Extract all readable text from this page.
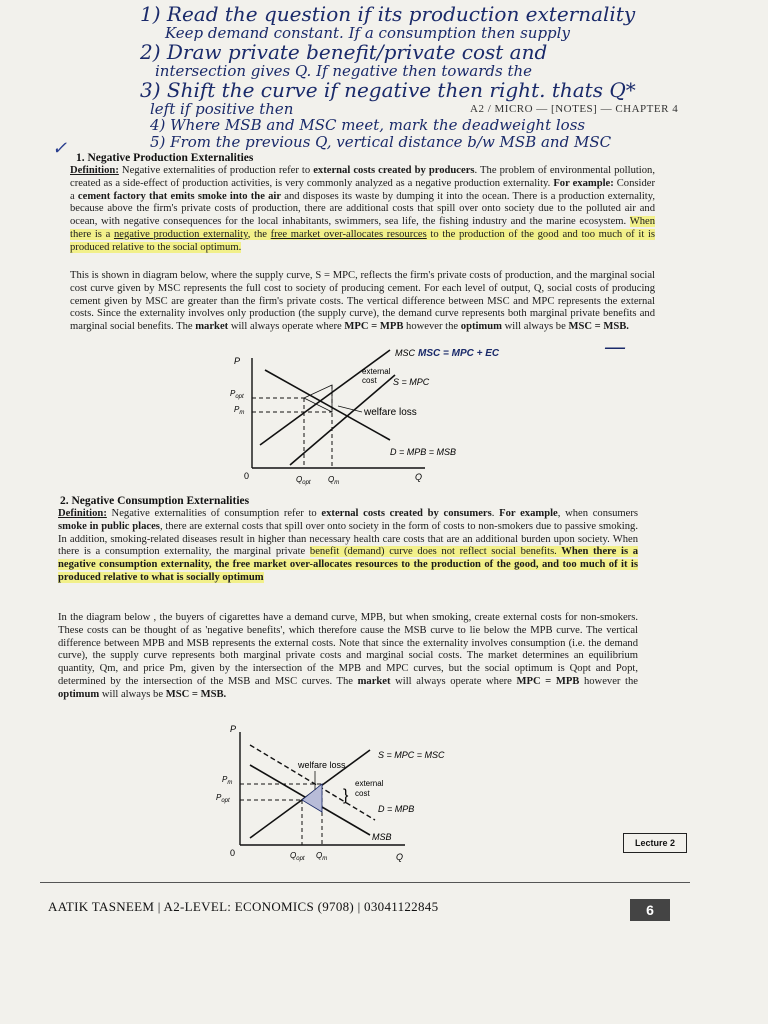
1) Read the question if its production externality
Keep demand constant. If a consumption then supply
2) Draw private benefit/private cost and
intersection gives Q. If negative then towards the
3) Shift the curve if negative then right. thats Q*
left if positive then
4) Where MSB and MSC meet, mark the deadweight loss
5) From the previous Q, vertical distance b/w MSB and MSC
A2 / MICRO — [NOTES] — CHAPTER 4
✓ 1. Negative Production Externalities
Definition: Negative externalities of production refer to external costs created by producers. The problem of environmental pollution, created as a side-effect of production activities, is very commonly analyzed as a negative production externality. For example: Consider a cement factory that emits smoke into the air and disposes its waste by dumping it into the ocean. There is a production externality, because above the firm's private costs of production, there are additional costs that spill over onto society due to the polluted air and ocean, with negative consequences for the local inhabitants, swimmers, sea life, the fishing industry and the marine ecosystem. When there is a negative production externality, the free market over-allocates resources to the production of the good and too much of it is produced relative to the social optimum.
This is shown in diagram below, where the supply curve, S = MPC, reflects the firm's private costs of production, and the marginal social cost curve given by MSC represents the full cost to society of producing cement. For each level of output, Q, social costs of producing cement given by MSC are greater than the firm's private costs. The vertical difference between MSC and MPC represents the external costs. Since the externality involves only production (the supply curve), the demand curve represents both marginal private benefits and marginal social benefits. The market will always operate where MPC = MPB however the optimum will always be MSC = MSB.
—
P
0	Q
MSC MSC = MPC + EC
external
cost S = MPC
$P_{opt}$
$P_m$	welfare loss
D = MPB = MSB
$Q_{opt}$ $Q_m$
2. Negative Consumption Externalities
Definition: Negative externalities of consumption refer to external costs created by consumers. For example, when consumers smoke in public places, there are external costs that spill over onto society in the form of costs to non-smokers due to passive smoking. In addition, smoking-related diseases result in higher than necessary health care costs that are an additional burden upon society. When there is a consumption externality, the marginal private benefit (demand) curve does not reflect social benefits. When there is a negative consumption externality, the free market over-allocates resources to the production of the good, and too much of it is produced relative to what is socially optimum
In the diagram below , the buyers of cigarettes have a demand curve, MPB, but when smoking, create external costs for non-smokers. These costs can be thought of as 'negative benefits', which therefore cause the MSB curve to lie below the MPB curve. The vertical difference between MPB and MSB represents the external costs. Note that since the externality involves consumption (i.e. the demand curve), the supply curve represents both marginal private costs and marginal social costs. The market determines an equilibrium quantity, Qm, and price Pm, given by the intersection of the MPB and MPC curves, but the social optimum is Qopt and Popt, determined by the intersection of the MSB and MSC curves. The market will always operate where MPC = MPB however the optimum will always be MSC = MSB.
P
0	Q
S = MPC = MSC
welfare loss
$P_m$
$P_{opt}$
external
cost
}
D = MPB
MSB
$Q_{opt}$ $Q_m$
Lecture 2
AATIK TASNEEM | A2-LEVEL: ECONOMICS (9708) | 03041122845	6
